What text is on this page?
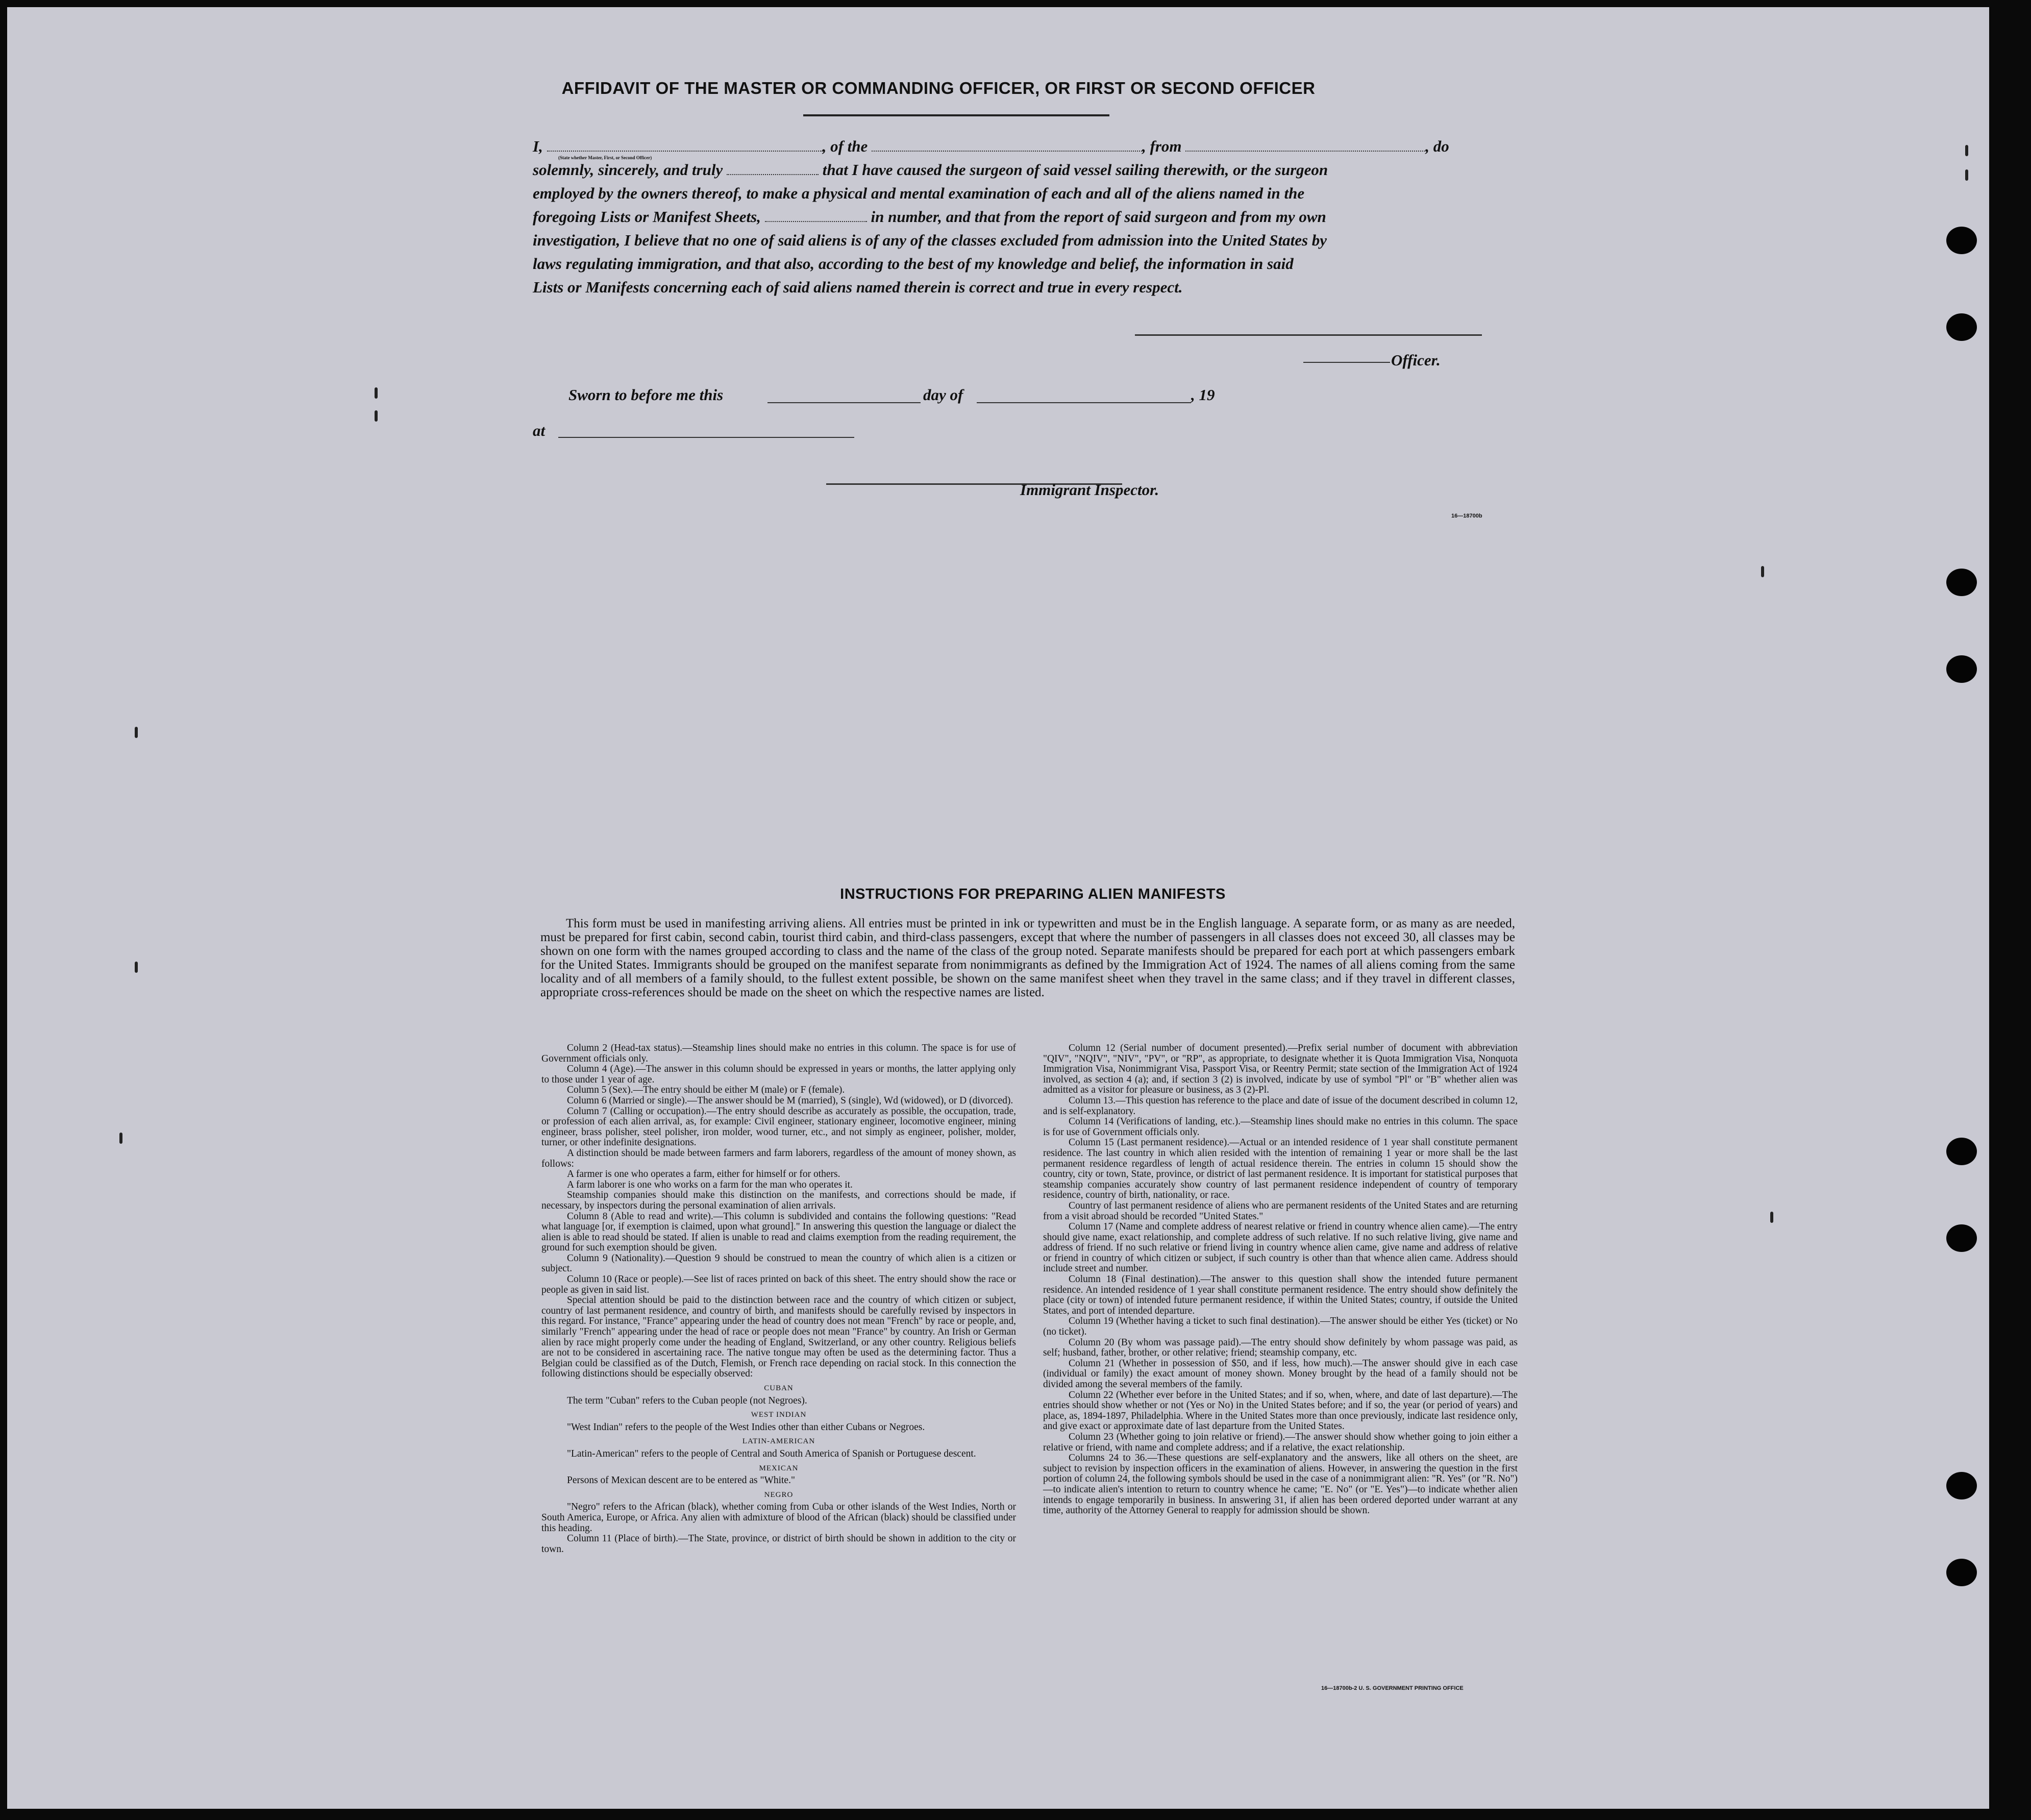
AFFIDAVIT OF THE MASTER OR COMMANDING OFFICER, OR FIRST OR SECOND OFFICER

I,	, of the	, from	, do

solemnly, sincerely, and truly	that I have caused the surgeon of said vessel sailing therewith, or the surgeon

employed by the owners thereof, to make a physical and mental examination of each and all of the aliens named in the

foregoing Lists or Manifest Sheets,	in number, and that from the report of said surgeon and from my own

investigation, I believe that no one of said aliens is of any of the classes excluded from admission into the United States by

laws regulating immigration, and that also, according to the best of my knowledge and belief, the information in said

Lists or Manifests concerning each of said aliens named therein is correct and true in every respect.

(State whether Master, First, or Second Officer)
Officer.
Sworn to before me this	day of	, 19
at
Immigrant Inspector.
16—18700b
INSTRUCTIONS FOR PREPARING ALIEN MANIFESTS

This form must be used in manifesting arriving aliens. All entries must be printed in ink or typewritten and must be in the English language. A separate form, or as many as are needed, must be prepared for first cabin, second cabin, tourist third cabin, and third-class passengers, except that where the number of passengers in all classes does not exceed 30, all classes may be shown on one form with the names grouped according to class and the name of the class of the group noted. Separate manifests should be prepared for each port at which passengers embark for the United States. Immigrants should be grouped on the manifest separate from nonimmigrants as defined by the Immigration Act of 1924. The names of all aliens coming from the same locality and of all members of a family should, to the fullest extent possible, be shown on the same manifest sheet when they travel in the same class; and if they travel in different classes, appropriate cross-references should be made on the sheet on which the respective names are listed.

Column 2 (Head-tax status).—Steamship lines should make no entries in this column. The space is for use of Government officials only.

Column 4 (Age).—The answer in this column should be expressed in years or months, the latter applying only to those under 1 year of age.

Column 5 (Sex).—The entry should be either M (male) or F (female).

Column 6 (Married or single).—The answer should be M (married), S (single), Wd (widowed), or D (divorced).

Column 7 (Calling or occupation).—The entry should describe as accurately as possible, the occupation, trade, or profession of each alien arrival, as, for example: Civil engineer, stationary engineer, locomotive engineer, mining engineer, brass polisher, steel polisher, iron molder, wood turner, etc., and not simply as engineer, polisher, molder, turner, or other indefinite designations.

A distinction should be made between farmers and farm laborers, regardless of the amount of money shown, as follows:

A farmer is one who operates a farm, either for himself or for others.

A farm laborer is one who works on a farm for the man who operates it.

Steamship companies should make this distinction on the manifests, and corrections should be made, if necessary, by inspectors during the personal examination of alien arrivals.

Column 8 (Able to read and write).—This column is subdivided and contains the following questions: "Read what language [or, if exemption is claimed, upon what ground]." In answering this question the language or dialect the alien is able to read should be stated. If alien is unable to read and claims exemption from the reading requirement, the ground for such exemption should be given.

Column 9 (Nationality).—Question 9 should be construed to mean the country of which alien is a citizen or subject.

Column 10 (Race or people).—See list of races printed on back of this sheet. The entry should show the race or people as given in said list.

Special attention should be paid to the distinction between race and the country of which citizen or subject, country of last permanent residence, and country of birth, and manifests should be carefully revised by inspectors in this regard. For instance, "France" appearing under the head of country does not mean "French" by race or people, and, similarly "French" appearing under the head of race or people does not mean "France" by country. An Irish or German alien by race might properly come under the heading of England, Switzerland, or any other country. Religious beliefs are not to be considered in ascertaining race. The native tongue may often be used as the determining factor. Thus a Belgian could be classified as of the Dutch, Flemish, or French race depending on racial stock. In this connection the following distinctions should be especially observed:

CUBAN

The term "Cuban" refers to the Cuban people (not Negroes).

WEST INDIAN

"West Indian" refers to the people of the West Indies other than either Cubans or Negroes.

LATIN-AMERICAN

"Latin-American" refers to the people of Central and South America of Spanish or Portuguese descent.

MEXICAN

Persons of Mexican descent are to be entered as "White."

NEGRO

"Negro" refers to the African (black), whether coming from Cuba or other islands of the West Indies, North or South America, Europe, or Africa. Any alien with admixture of blood of the African (black) should be classified under this heading.

Column 11 (Place of birth).—The State, province, or district of birth should be shown in addition to the city or town.

Column 12 (Serial number of document presented).—Prefix serial number of document with abbreviation "QIV", "NQIV", "NIV", "PV", or "RP", as appropriate, to designate whether it is Quota Immigration Visa, Nonquota Immigration Visa, Nonimmigrant Visa, Passport Visa, or Reentry Permit; state section of the Immigration Act of 1924 involved, as section 4 (a); and, if section 3 (2) is involved, indicate by use of symbol "Pl" or "B" whether alien was admitted as a visitor for pleasure or business, as 3 (2)-Pl.

Column 13.—This question has reference to the place and date of issue of the document described in column 12, and is self-explanatory.

Column 14 (Verifications of landing, etc.).—Steamship lines should make no entries in this column. The space is for use of Government officials only.

Column 15 (Last permanent residence).—Actual or an intended residence of 1 year shall constitute permanent residence. The last country in which alien resided with the intention of remaining 1 year or more shall be the last permanent residence regardless of length of actual residence therein. The entries in column 15 should show the country, city or town, State, province, or district of last permanent residence. It is important for statistical purposes that steamship companies accurately show country of last permanent residence independent of country of temporary residence, country of birth, nationality, or race.

Country of last permanent residence of aliens who are permanent residents of the United States and are returning from a visit abroad should be recorded "United States."

Column 17 (Name and complete address of nearest relative or friend in country whence alien came).—The entry should give name, exact relationship, and complete address of such relative. If no such relative living, give name and address of friend. If no such relative or friend living in country whence alien came, give name and address of relative or friend in country of which citizen or subject, if such country is other than that whence alien came. Address should include street and number.

Column 18 (Final destination).—The answer to this question shall show the intended future permanent residence. An intended residence of 1 year shall constitute permanent residence. The entry should show definitely the place (city or town) of intended future permanent residence, if within the United States; country, if outside the United States, and port of intended departure.

Column 19 (Whether having a ticket to such final destination).—The answer should be either Yes (ticket) or No (no ticket).

Column 20 (By whom was passage paid).—The entry should show definitely by whom passage was paid, as self; husband, father, brother, or other relative; friend; steamship company, etc.

Column 21 (Whether in possession of $50, and if less, how much).—The answer should give in each case (individual or family) the exact amount of money shown. Money brought by the head of a family should not be divided among the several members of the family.

Column 22 (Whether ever before in the United States; and if so, when, where, and date of last departure).—The entries should show whether or not (Yes or No) in the United States before; and if so, the year (or period of years) and place, as, 1894-1897, Philadelphia. Where in the United States more than once previously, indicate last residence only, and give exact or approximate date of last departure from the United States.

Column 23 (Whether going to join relative or friend).—The answer should show whether going to join either a relative or friend, with name and complete address; and if a relative, the exact relationship.

Columns 24 to 36.—These questions are self-explanatory and the answers, like all others on the sheet, are subject to revision by inspection officers in the examination of aliens. However, in answering the question in the first portion of column 24, the following symbols should be used in the case of a nonimmigrant alien: "R. Yes" (or "R. No")—to indicate alien's intention to return to country whence he came; "E. No" (or "E. Yes")—to indicate whether alien intends to engage temporarily in business. In answering 31, if alien has been ordered deported under warrant at any time, authority of the Attorney General to reapply for admission should be shown.

16—18700b-2 U. S. GOVERNMENT PRINTING OFFICE
